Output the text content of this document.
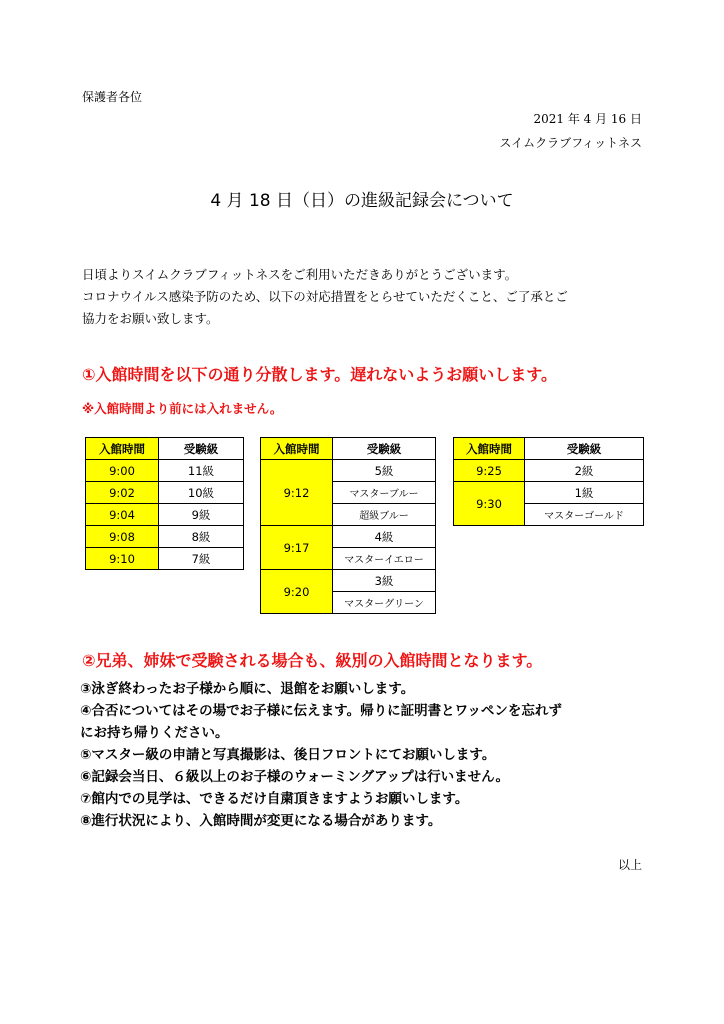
保護者各位
2021 年 4 月 16 日
スイムクラブフィットネス
4 月 18 日（日）の進級記録会について
日頃よりスイムクラブフィットネスをご利用いただきありがとうございます。
コロナウイルス感染予防のため、以下の対応措置をとらせていただくこと、ご了承とご
協力をお願い致します。
①入館時間を以下の通り分散します。遅れないようお願いします。
※入館時間より前には入れません。
入館時間	受験級
9:00	11級
9:02	10級
9:04	9級
9:08	8級
9:10	7級
入館時間	受験級
9:12	5級
	マスターブルー
	超級ブルー
9:17	4級
	マスターイエロー
9:20	3級
	マスターグリーン
入館時間	受験級
9:25	2級
9:30	1級
	マスターゴールド
②兄弟、姉妹で受験される場合も、級別の入館時間となります。
③泳ぎ終わったお子様から順に、退館をお願いします。
④合否についてはその場でお子様に伝えます。帰りに証明書とワッペンを忘れず
にお持ち帰りください。
⑤マスター級の申請と写真撮影は、後日フロントにてお願いします。
⑥記録会当日、６級以上のお子様のウォーミングアップは行いません。
⑦館内での見学は、できるだけ自粛頂きますようお願いします。
⑧進行状況により、入館時間が変更になる場合があります。
以上
